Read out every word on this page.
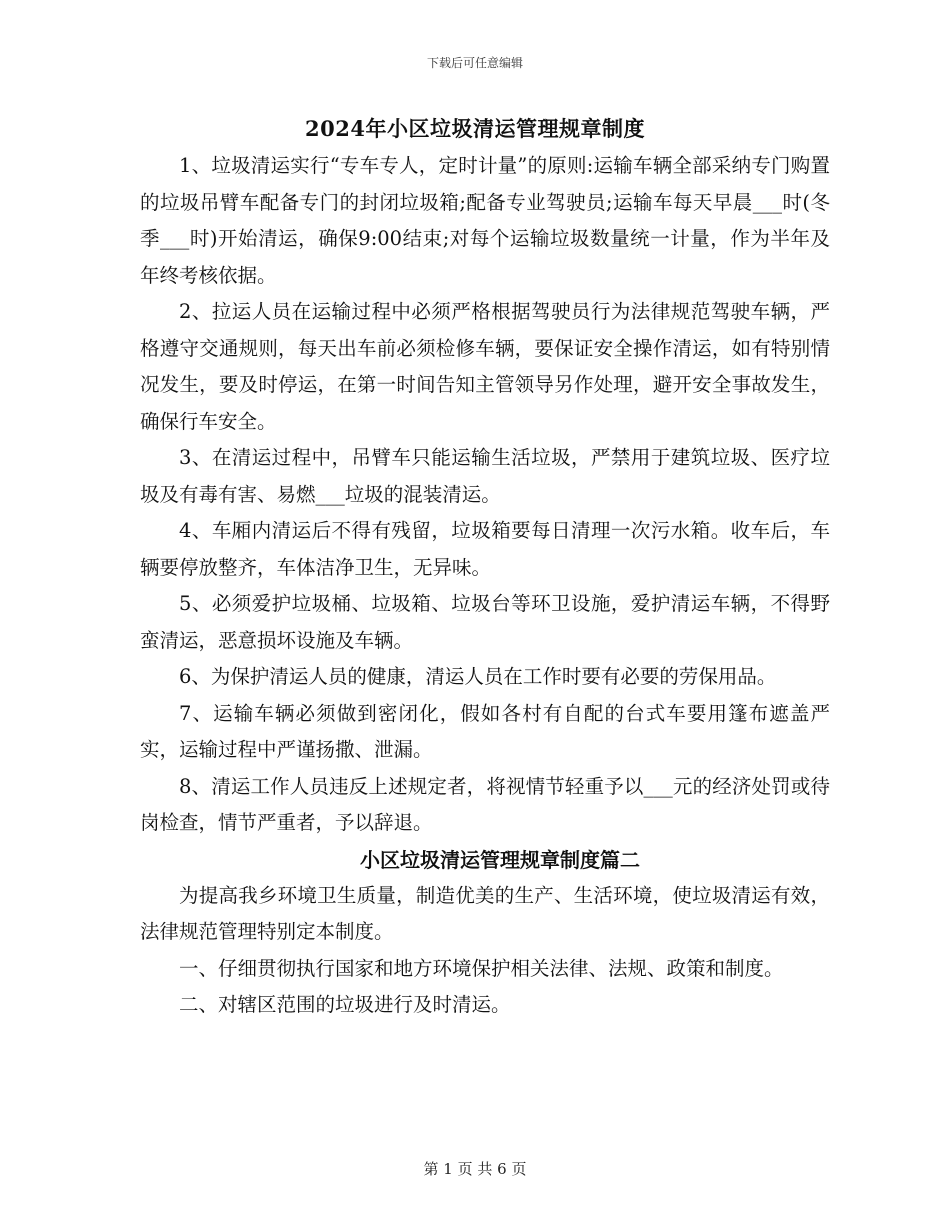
下载后可任意编辑
2024年小区垃圾清运管理规章制度

1、垃圾清运实行“专车专人，定时计量”的原则:运输车辆全部采纳专门购置的垃圾吊臂车配备专门的封闭垃圾箱;配备专业驾驶员;运输车每天早晨___时(冬季___时)开始清运，确保9:00结束;对每个运输垃圾数量统一计量，作为半年及年终考核依据。

2、拉运人员在运输过程中必须严格根据驾驶员行为法律规范驾驶车辆，严格遵守交通规则，每天出车前必须检修车辆，要保证安全操作清运，如有特别情况发生，要及时停运，在第一时间告知主管领导另作处理，避开安全事故发生，确保行车安全。

3、在清运过程中，吊臂车只能运输生活垃圾，严禁用于建筑垃圾、医疗垃圾及有毒有害、易燃___垃圾的混装清运。

4、车厢内清运后不得有残留，垃圾箱要每日清理一次污水箱。收车后，车辆要停放整齐，车体洁净卫生，无异味。

5、必须爱护垃圾桶、垃圾箱、垃圾台等环卫设施，爱护清运车辆，不得野蛮清运，恶意损坏设施及车辆。

6、为保护清运人员的健康，清运人员在工作时要有必要的劳保用品。

7、运输车辆必须做到密闭化，假如各村有自配的台式车要用篷布遮盖严实，运输过程中严谨扬撒、泄漏。

8、清运工作人员违反上述规定者，将视情节轻重予以___元的经济处罚或待岗检查，情节严重者，予以辞退。

小区垃圾清运管理规章制度篇二

为提高我乡环境卫生质量，制造优美的生产、生活环境，使垃圾清运有效，法律规范管理特别定本制度。

一、仔细贯彻执行国家和地方环境保护相关法律、法规、政策和制度。

二、对辖区范围的垃圾进行及时清运。

第 1 页 共 6 页
